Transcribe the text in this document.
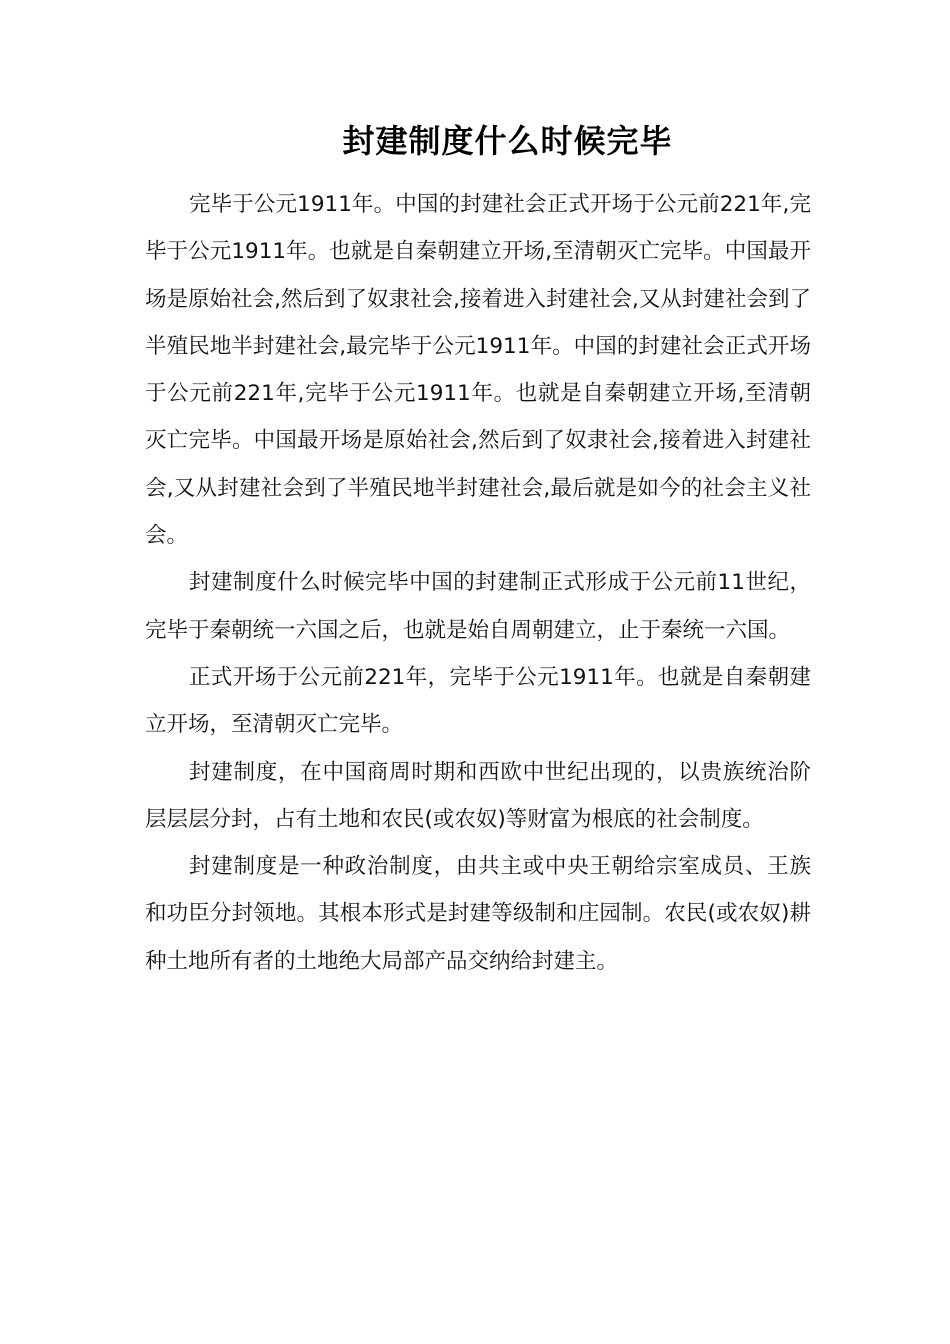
封建制度什么时候完毕

完毕于公元1911年。中国的封建社会正式开场于公元前221年,完毕于公元1911年。也就是自秦朝建立开场,至清朝灭亡完毕。中国最开场是原始社会,然后到了奴隶社会,接着进入封建社会,又从封建社会到了半殖民地半封建社会,最完毕于公元1911年。中国的封建社会正式开场于公元前221年,完毕于公元1911年。也就是自秦朝建立开场,至清朝灭亡完毕。中国最开场是原始社会,然后到了奴隶社会,接着进入封建社会,又从封建社会到了半殖民地半封建社会,最后就是如今的社会主义社会。

封建制度什么时候完毕中国的封建制正式形成于公元前11世纪，完毕于秦朝统一六国之后，也就是始自周朝建立，止于秦统一六国。

正式开场于公元前221年，完毕于公元1911年。也就是自秦朝建立开场，至清朝灭亡完毕。

封建制度，在中国商周时期和西欧中世纪出现的，以贵族统治阶层层层分封，占有土地和农民(或农奴)等财富为根底的社会制度。

封建制度是一种政治制度，由共主或中央王朝给宗室成员、王族和功臣分封领地。其根本形式是封建等级制和庄园制。农民(或农奴)耕种土地所有者的土地绝大局部产品交纳给封建主。
